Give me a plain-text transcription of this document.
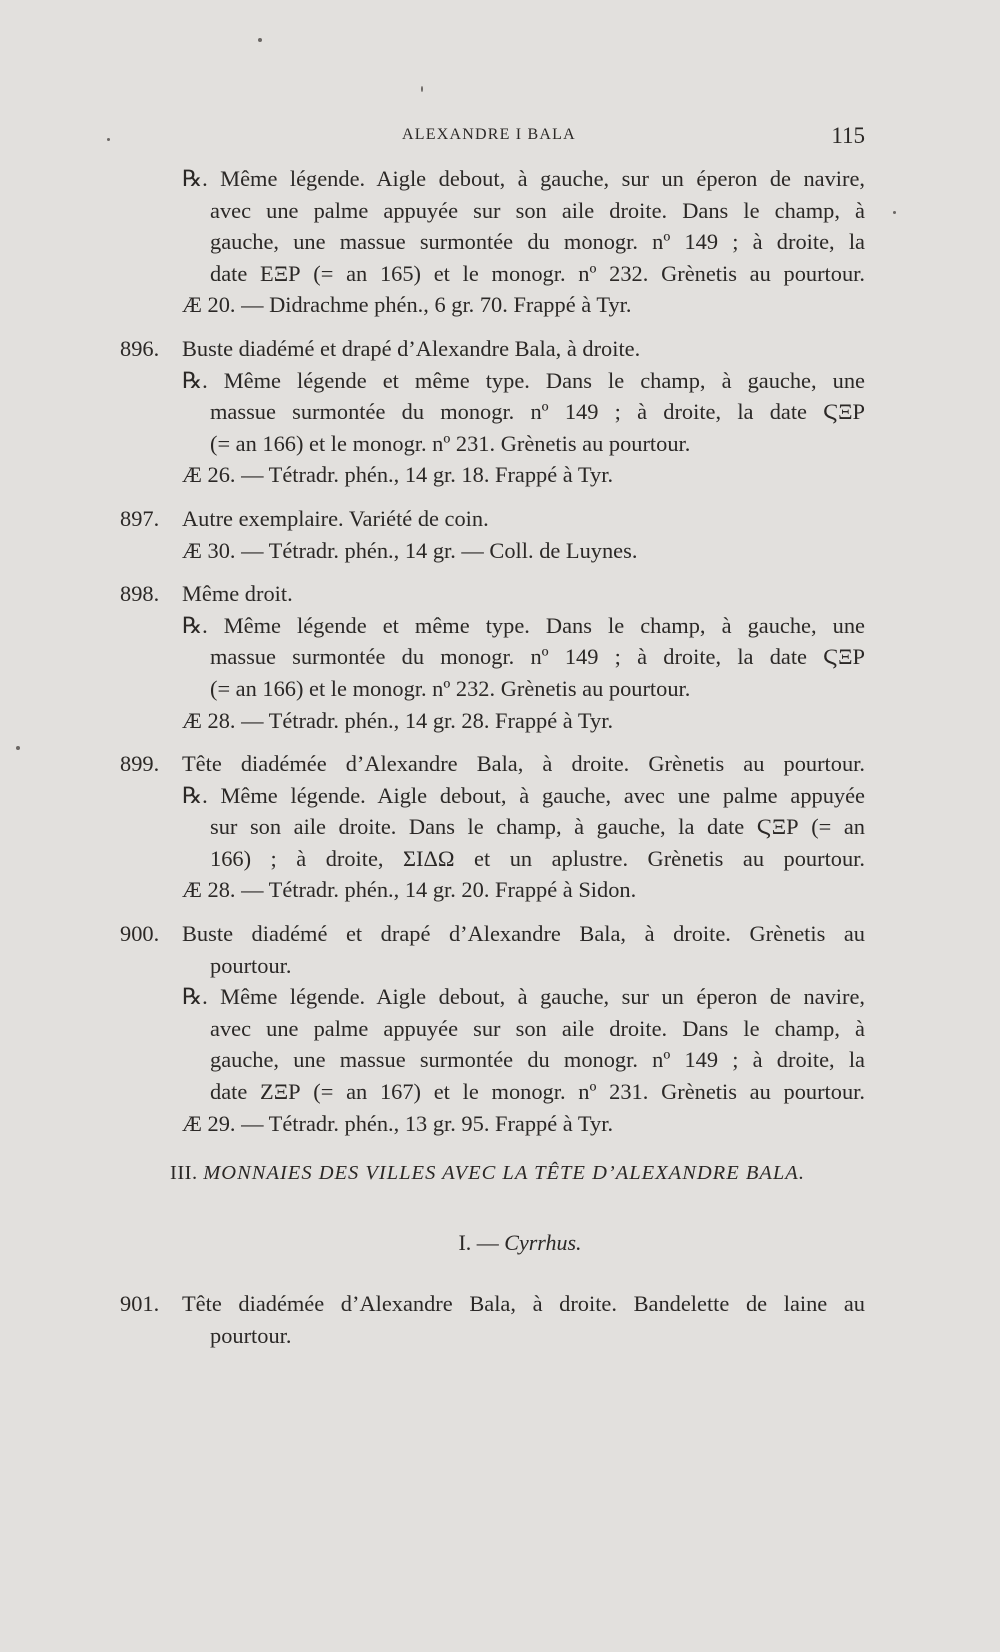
ALEXANDRE I BALA	115
℞. Même légende. Aigle debout, à gauche, sur un éperon de navire,
avec une palme appuyée sur son aile droite. Dans le champ, à
gauche, une massue surmontée du monogr. nº 149 ; à droite, la
date ΕΞΡ (= an 165) et le monogr. nº 232. Grènetis au pourtour.
Æ 20. — Didrachme phén., 6 gr. 70. Frappé à Tyr.
896. Buste diadémé et drapé d’Alexandre Bala, à droite.
℞. Même légende et même type. Dans le champ, à gauche, une
massue surmontée du monogr. nº 149 ; à droite, la date ϚΞΡ
(= an 166) et le monogr. nº 231. Grènetis au pourtour.
Æ 26. — Tétradr. phén., 14 gr. 18. Frappé à Tyr.
897. Autre exemplaire. Variété de coin.
Æ 30. — Tétradr. phén., 14 gr. — Coll. de Luynes.
898. Même droit.
℞. Même légende et même type. Dans le champ, à gauche, une
massue surmontée du monogr. nº 149 ; à droite, la date ϚΞΡ
(= an 166) et le monogr. nº 232. Grènetis au pourtour.
Æ 28. — Tétradr. phén., 14 gr. 28. Frappé à Tyr.
899. Tête diadémée d’Alexandre Bala, à droite. Grènetis au pourtour.
℞. Même légende. Aigle debout, à gauche, avec une palme appuyée
sur son aile droite. Dans le champ, à gauche, la date ϚΞΡ (= an
166) ; à droite, ΣΙΔΩ et un aplustre. Grènetis au pourtour.
Æ 28. — Tétradr. phén., 14 gr. 20. Frappé à Sidon.
900. Buste diadémé et drapé d’Alexandre Bala, à droite. Grènetis au
pourtour.
℞. Même légende. Aigle debout, à gauche, sur un éperon de navire,
avec une palme appuyée sur son aile droite. Dans le champ, à
gauche, une massue surmontée du monogr. nº 149 ; à droite, la
date ΖΞΡ (= an 167) et le monogr. nº 231. Grènetis au pourtour.
Æ 29. — Tétradr. phén., 13 gr. 95. Frappé à Tyr.
III. MONNAIES DES VILLES AVEC LA TÊTE D’ALEXANDRE BALA.
I. — Cyrrhus.
901. Tête diadémée d’Alexandre Bala, à droite. Bandelette de laine au
pourtour.
